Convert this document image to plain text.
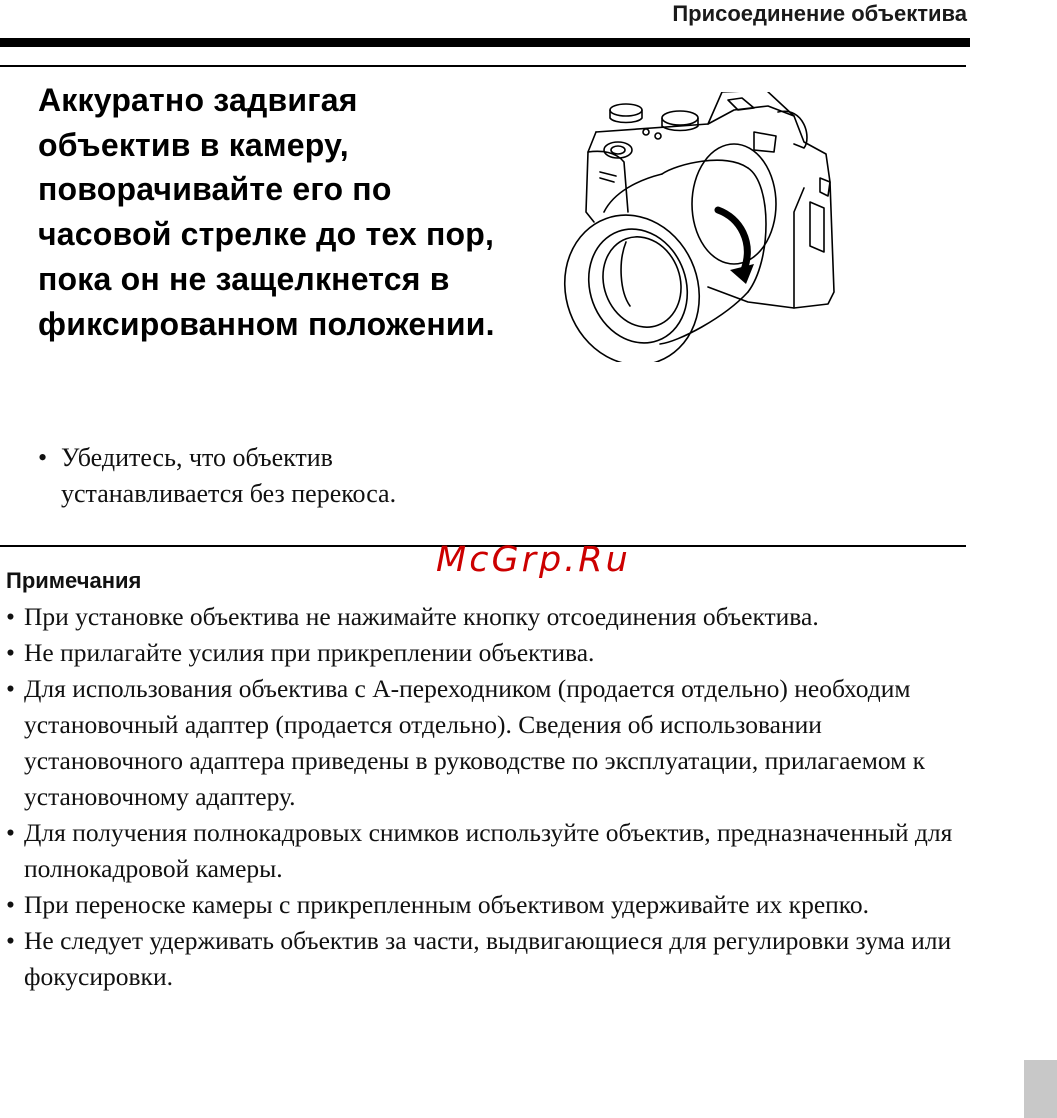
Присоединение объектива
Аккуратно задвигая объектив в камеру, поворачивайте его по часовой стрелке до тех пор, пока он не защелкнется в фиксированном положении.
• Убедитесь, что объектив устанавливается без перекоса.
McGrp.Ru
Примечания
• При установке объектива не нажимайте кнопку отсоединения объектива.
• Не прилагайте усилия при прикреплении объектива.
• Для использования объектива с A-переходником (продается отдельно) необходим установочный адаптер (продается отдельно). Сведения об использовании установочного адаптера приведены в руководстве по эксплуатации, прилагаемом к установочному адаптеру.
• Для получения полнокадровых снимков используйте объектив, предназначенный для полнокадровой камеры.
• При переноске камеры с прикрепленным объективом удерживайте их крепко.
• Не следует удерживать объектив за части, выдвигающиеся для регулировки зума или фокусировки.
